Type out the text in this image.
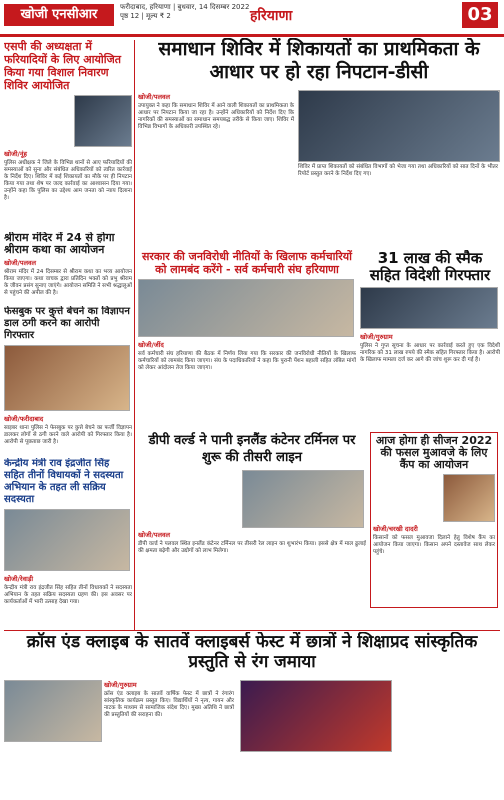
खोजी एनसीआर	फरीदाबाद, हरियाणा | बुधवार, 14 दिसम्बर 2022
पृष्ठ 12 | मूल्य ₹ 2	हरियाणा	03
एसपी की अध्यक्षता में फरियादियों के लिए आयोजित किया गया विशाल निवारण शिविर आयोजित
खोजी/नूंह
पुलिस अधीक्षक ने जिले के विभिन्न थानों से आए फरियादियों की समस्याओं को सुना और संबंधित अधिकारियों को त्वरित कार्रवाई के निर्देश दिए। शिविर में कई शिकायतों का मौके पर ही निपटान किया गया तथा शेष पर जल्द कार्रवाई का आश्वासन दिया गया। उन्होंने कहा कि पुलिस का उद्देश्य आम जनता को न्याय दिलाना है।
श्रीराम मंदिर में 24 से होगा श्रीराम कथा का आयोजन
खोजी/पलवल
श्रीराम मंदिर में 24 दिसम्बर से श्रीराम कथा का भव्य आयोजन किया जाएगा। कथा वाचक द्वारा प्रतिदिन भक्तों को प्रभु श्रीराम के जीवन प्रसंग सुनाए जाएंगे। आयोजन समिति ने सभी श्रद्धालुओं से पहुंचने की अपील की है।
फेसबुक पर कुत्ते बेचने का विज्ञापन डाल ठगी करने का आरोपी गिरफ्तार
खोजी/फरीदाबाद
साइबर थाना पुलिस ने फेसबुक पर कुत्ते बेचने का फर्जी विज्ञापन डालकर लोगों से ठगी करने वाले आरोपी को गिरफ्तार किया है। आरोपी से पूछताछ जारी है।
केन्द्रीय मंत्री राव इंद्रजीत सिंह सहित तीनों विधायकों ने सदस्यता अभियान के तहत ली सक्रिय सदस्यता
खोजी/रेवाड़ी
केन्द्रीय मंत्री राव इंद्रजीत सिंह सहित तीनों विधायकों ने सदस्यता अभियान के तहत सक्रिय सदस्यता ग्रहण की। इस अवसर पर कार्यकर्ताओं में भारी उत्साह देखा गया।
समाधान शिविर में शिकायतों का प्राथमिकता के आधार पर हो रहा निपटान-डीसी
खोजी/पलवल
उपायुक्त ने कहा कि समाधान शिविर में आने वाली शिकायतों का प्राथमिकता के आधार पर निपटान किया जा रहा है। उन्होंने अधिकारियों को निर्देश दिए कि नागरिकों की समस्याओं का समाधान समयबद्ध तरीके से किया जाए। शिविर में विभिन्न विभागों के अधिकारी उपस्थित रहे।
शिविर में प्राप्त शिकायतों को संबंधित विभागों को भेजा गया तथा अधिकारियों को सात दिनों के भीतर रिपोर्ट प्रस्तुत करने के निर्देश दिए गए।
सरकार की जनविरोधी नीतियों के खिलाफ कर्मचारियों को लामबंद करेंगे - सर्व कर्मचारी संघ हरियाणा
खोजी/जींद
सर्व कर्मचारी संघ हरियाणा की बैठक में निर्णय लिया गया कि सरकार की जनविरोधी नीतियों के खिलाफ कर्मचारियों को लामबंद किया जाएगा। संघ के पदाधिकारियों ने कहा कि पुरानी पेंशन बहाली सहित लंबित मांगों को लेकर आंदोलन तेज किया जाएगा।
31 लाख की स्मैक सहित विदेशी गिरफ्तार
खोजी/गुरुग्राम
पुलिस ने गुप्त सूचना के आधार पर कार्रवाई करते हुए एक विदेशी नागरिक को 31 लाख रुपये की स्मैक सहित गिरफ्तार किया है। आरोपी के खिलाफ मामला दर्ज कर आगे की जांच शुरू कर दी गई है।
डीपी वर्ल्ड ने पानी इनलैंड कंटेनर टर्मिनल पर शुरू की तीसरी लाइन
खोजी/पलवल
डीपी वर्ल्ड ने पलवल स्थित इनलैंड कंटेनर टर्मिनल पर तीसरी रेल लाइन का शुभारंभ किया। इससे क्षेत्र में माल ढुलाई की क्षमता बढ़ेगी और उद्योगों को लाभ मिलेगा।
आज होगा ही सीजन 2022 की फसल मुआवजे के लिए कैंप का आयोजन
खोजी/चरखी दादरी
किसानों को फसल मुआवजा दिलाने हेतु विशेष कैंप का आयोजन किया जाएगा। किसान अपने दस्तावेज साथ लेकर पहुंचे।
क्रॉस एंड क्लाइब के सातवें क्लाइबर्स फेस्ट में छात्रों ने शिक्षाप्रद सांस्कृतिक प्रस्तुति से रंग जमाया
खोजी/गुरुग्राम
क्रॉस एंड क्लाइब के सातवें वार्षिक फेस्ट में छात्रों ने रंगारंग सांस्कृतिक कार्यक्रम प्रस्तुत किए। विद्यार्थियों ने नृत्य, गायन और नाटक के माध्यम से सामाजिक संदेश दिए। मुख्य अतिथि ने छात्रों की प्रस्तुतियों की सराहना की।
